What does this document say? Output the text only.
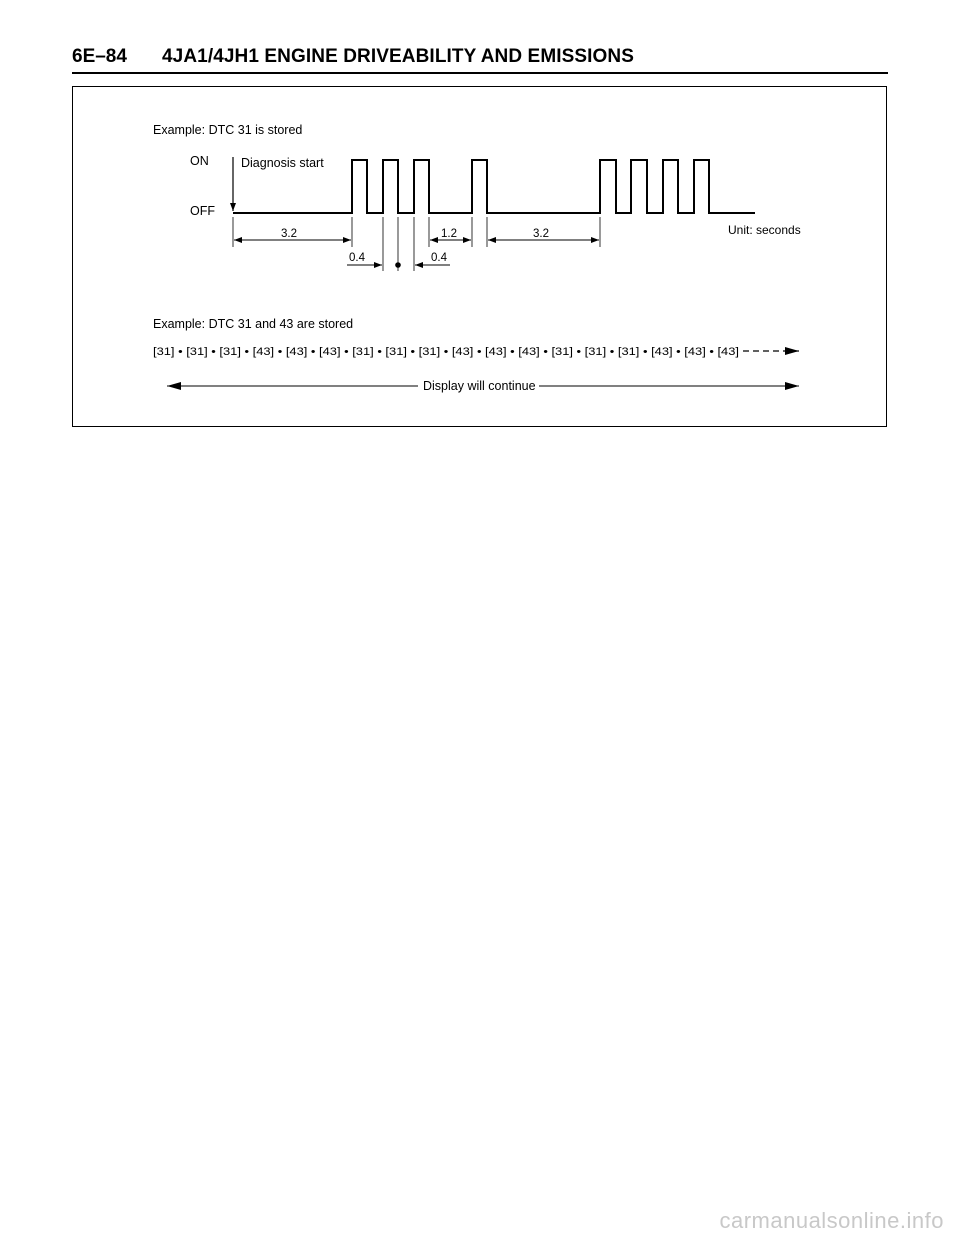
6E–84 4JA1/4JH1 ENGINE DRIVEABILITY AND EMISSIONS
Example: DTC 31 is stored
ON
OFF
Diagnosis start
3.2	1.2	3.2
0.4	0.4
Unit: seconds
Example: DTC 31 and 43 are stored
[31] • [31] • [31] • [43] • [43] • [43] • [31] • [31] • [31] • [43] • [43] • [43] • [31] • [31] • [31] • [43] • [43] • [43]
Display will continue
carmanualsonline.info
